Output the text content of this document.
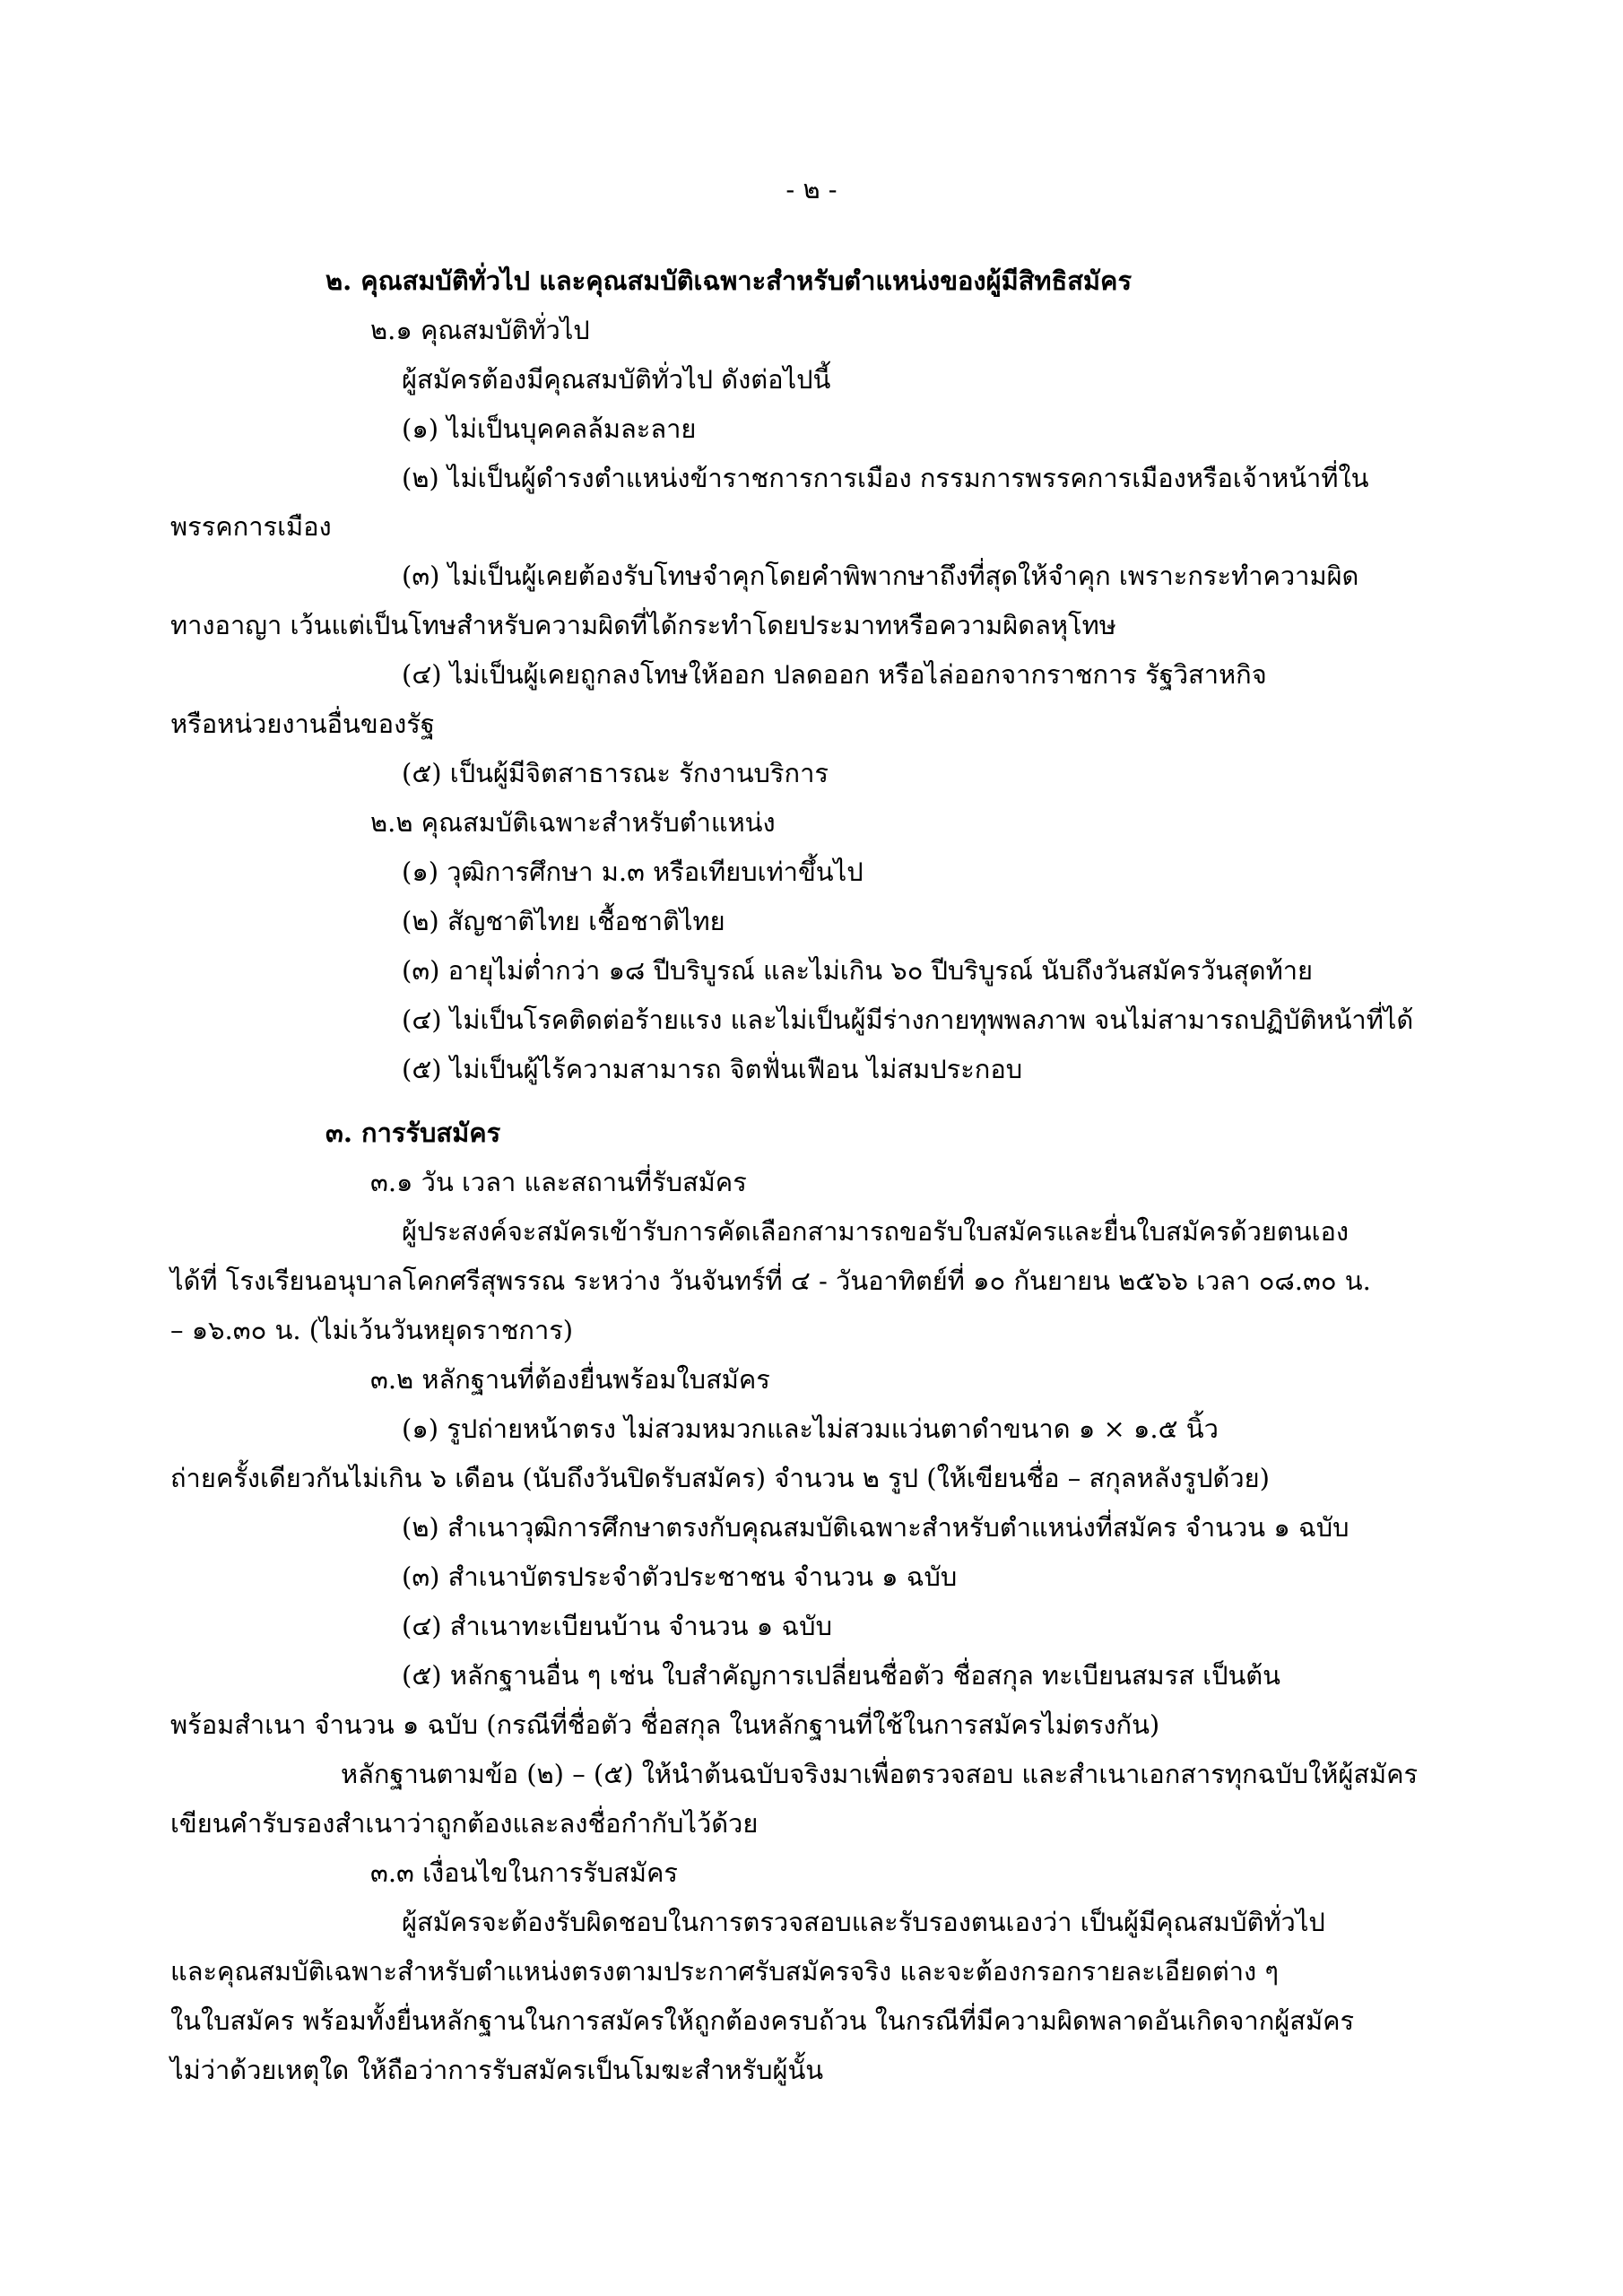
- ๒ -
๒. คุณสมบัติทั่วไป และคุณสมบัติเฉพาะสำหรับตำแหน่งของผู้มีสิทธิสมัคร
๒.๑ คุณสมบัติทั่วไป
ผู้สมัครต้องมีคุณสมบัติทั่วไป ดังต่อไปนี้
(๑) ไม่เป็นบุคคลล้มละลาย
(๒) ไม่เป็นผู้ดำรงตำแหน่งข้าราชการการเมือง กรรมการพรรคการเมืองหรือเจ้าหน้าที่ใน
พรรคการเมือง
(๓) ไม่เป็นผู้เคยต้องรับโทษจำคุกโดยคำพิพากษาถึงที่สุดให้จำคุก เพราะกระทำความผิด
ทางอาญา เว้นแต่เป็นโทษสำหรับความผิดที่ได้กระทำโดยประมาทหรือความผิดลหุโทษ
(๔) ไม่เป็นผู้เคยถูกลงโทษให้ออก ปลดออก หรือไล่ออกจากราชการ รัฐวิสาหกิจ
หรือหน่วยงานอื่นของรัฐ
(๕) เป็นผู้มีจิตสาธารณะ รักงานบริการ
๒.๒ คุณสมบัติเฉพาะสำหรับตำแหน่ง
(๑) วุฒิการศึกษา ม.๓ หรือเทียบเท่าขึ้นไป
(๒) สัญชาติไทย เชื้อชาติไทย
(๓) อายุไม่ต่ำกว่า ๑๘ ปีบริบูรณ์ และไม่เกิน ๖๐ ปีบริบูรณ์ นับถึงวันสมัครวันสุดท้าย
(๔) ไม่เป็นโรคติดต่อร้ายแรง และไม่เป็นผู้มีร่างกายทุพพลภาพ จนไม่สามารถปฏิบัติหน้าที่ได้
(๕) ไม่เป็นผู้ไร้ความสามารถ จิตฟั่นเฟือน ไม่สมประกอบ
๓. การรับสมัคร
๓.๑ วัน เวลา และสถานที่รับสมัคร
ผู้ประสงค์จะสมัครเข้ารับการคัดเลือกสามารถขอรับใบสมัครและยื่นใบสมัครด้วยตนเอง
ได้ที่ โรงเรียนอนุบาลโคกศรีสุพรรณ ระหว่าง วันจันทร์ที่ ๔ - วันอาทิตย์ที่ ๑๐ กันยายน ๒๕๖๖ เวลา ๐๘.๓๐ น.
– ๑๖.๓๐ น. (ไม่เว้นวันหยุดราชการ)
๓.๒ หลักฐานที่ต้องยื่นพร้อมใบสมัคร
(๑) รูปถ่ายหน้าตรง ไม่สวมหมวกและไม่สวมแว่นตาดำขนาด ๑ × ๑.๕ นิ้ว
ถ่ายครั้งเดียวกันไม่เกิน ๖ เดือน (นับถึงวันปิดรับสมัคร) จำนวน ๒ รูป (ให้เขียนชื่อ – สกุลหลังรูปด้วย)
(๒) สำเนาวุฒิการศึกษาตรงกับคุณสมบัติเฉพาะสำหรับตำแหน่งที่สมัคร จำนวน ๑ ฉบับ
(๓) สำเนาบัตรประจำตัวประชาชน จำนวน ๑ ฉบับ
(๔) สำเนาทะเบียนบ้าน จำนวน ๑ ฉบับ
(๕) หลักฐานอื่น ๆ เช่น ใบสำคัญการเปลี่ยนชื่อตัว ชื่อสกุล ทะเบียนสมรส เป็นต้น
พร้อมสำเนา จำนวน ๑ ฉบับ (กรณีที่ชื่อตัว ชื่อสกุล ในหลักฐานที่ใช้ในการสมัครไม่ตรงกัน)
หลักฐานตามข้อ (๒) – (๕) ให้นำต้นฉบับจริงมาเพื่อตรวจสอบ และสำเนาเอกสารทุกฉบับให้ผู้สมัคร
เขียนคำรับรองสำเนาว่าถูกต้องและลงชื่อกำกับไว้ด้วย
๓.๓ เงื่อนไขในการรับสมัคร
ผู้สมัครจะต้องรับผิดชอบในการตรวจสอบและรับรองตนเองว่า เป็นผู้มีคุณสมบัติทั่วไป
และคุณสมบัติเฉพาะสำหรับตำแหน่งตรงตามประกาศรับสมัครจริง และจะต้องกรอกรายละเอียดต่าง ๆ
ในใบสมัคร พร้อมทั้งยื่นหลักฐานในการสมัครให้ถูกต้องครบถ้วน ในกรณีที่มีความผิดพลาดอันเกิดจากผู้สมัคร
ไม่ว่าด้วยเหตุใด ให้ถือว่าการรับสมัครเป็นโมฆะสำหรับผู้นั้น
